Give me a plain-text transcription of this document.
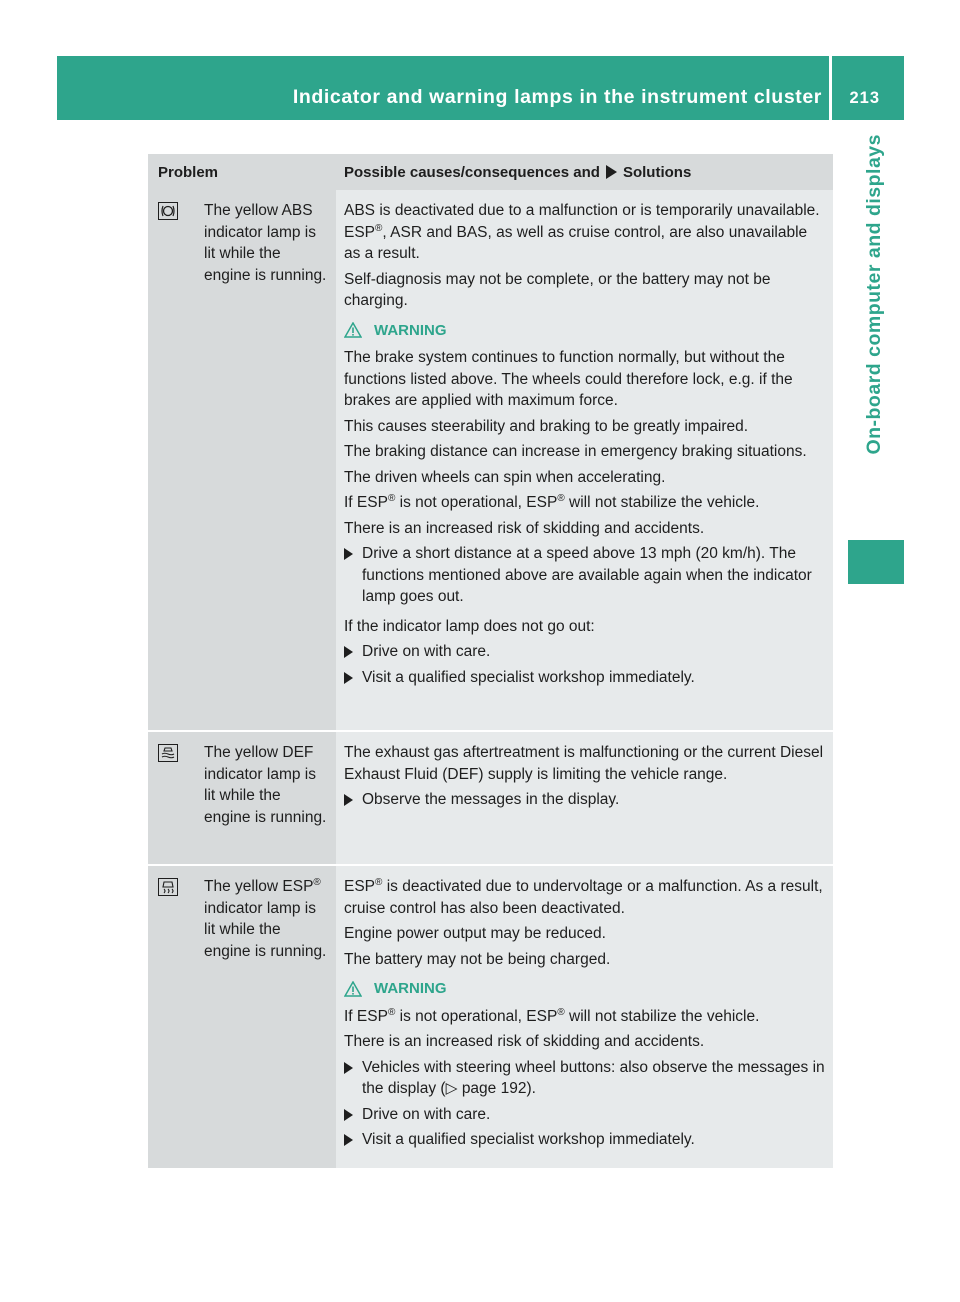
Indicator and warning lamps in the instrument cluster 213
On-board computer and displays
Problem	Possible causes/consequences and Solutions
The yellow ABS indicator lamp is lit while the engine is running.

ABS is deactivated due to a malfunction or is temporarily unavailable. ESP®, ASR and BAS, as well as cruise control, are also unavailable as a result.

Self-diagnosis may not be complete, or the battery may not be charging.

WARNING

The brake system continues to function normally, but without the functions listed above. The wheels could therefore lock, e.g. if the brakes are applied with maximum force.

This causes steerability and braking to be greatly impaired.

The braking distance can increase in emergency braking situations.

The driven wheels can spin when accelerating.

If ESP® is not operational, ESP® will not stabilize the vehicle.

There is an increased risk of skidding and accidents.

Drive a short distance at a speed above 13 mph (20 km/h). The functions mentioned above are available again when the indicator lamp goes out.

If the indicator lamp does not go out:

Drive on with care.
Visit a qualified specialist workshop immediately.
The yellow DEF indicator lamp is lit while the engine is running.

The exhaust gas aftertreatment is malfunctioning or the current Diesel Exhaust Fluid (DEF) supply is limiting the vehicle range.

Observe the messages in the display.
The yellow ESP® indicator lamp is lit while the engine is running.

ESP® is deactivated due to undervoltage or a malfunction. As a result, cruise control has also been deactivated.

Engine power output may be reduced.

The battery may not be being charged.

WARNING

If ESP® is not operational, ESP® will not stabilize the vehicle.

There is an increased risk of skidding and accidents.

Vehicles with steering wheel buttons: also observe the messages in the display (▷ page 192).
Drive on with care.
Visit a qualified specialist workshop immediately.
